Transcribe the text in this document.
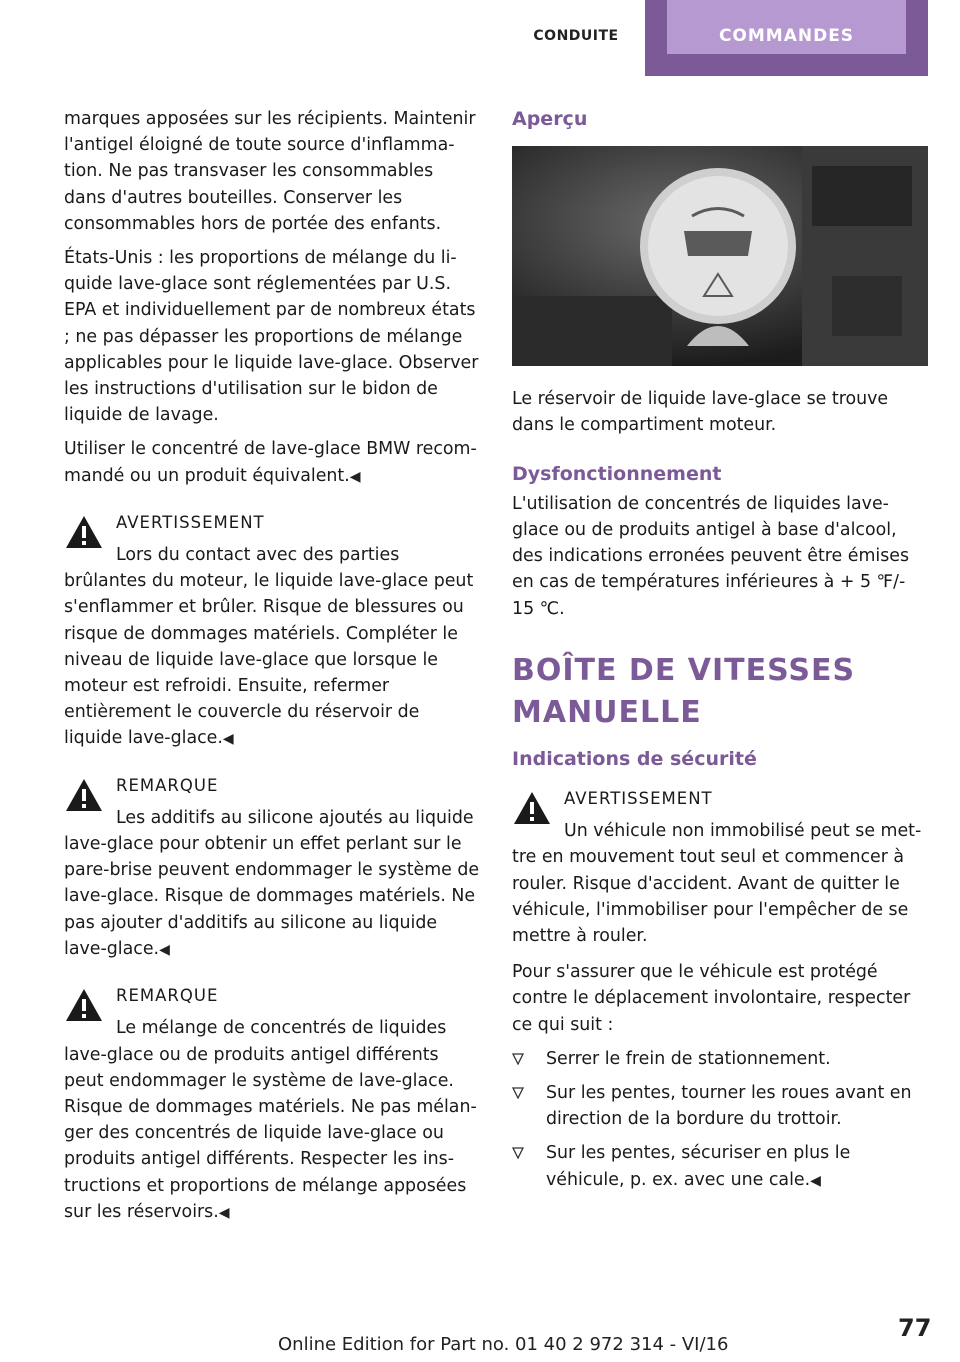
CONDUITE	COMMANDES

marques apposées sur les récipients. Maintenir l'antigel éloigné de toute source d'inflammation. Ne pas transvaser les consommables dans d'autres bouteilles. Conserver les consommables hors de portée des enfants.

États-Unis : les proportions de mélange du liquide lave-glace sont réglementées par U.S. EPA et individuellement par de nombreux états ; ne pas dépasser les proportions de mélange applicables pour le liquide lave-glace. Observer les instructions d'utilisation sur le bidon de liquide de lavage.

Utiliser le concentré de lave-glace BMW recommandé ou un produit équivalent.◀

AVERTISSEMENT

Lors du contact avec des parties brûlantes du moteur, le liquide lave-glace peut s'enflammer et brûler. Risque de blessures ou risque de dommages matériels. Compléter le niveau de liquide lave-glace que lorsque le moteur est refroidi. Ensuite, refermer entièrement le couvercle du réservoir de liquide lave-glace.◀

REMARQUE

Les additifs au silicone ajoutés au liquide lave-glace pour obtenir un effet perlant sur le pare-brise peuvent endommager le système de lave-glace. Risque de dommages matériels. Ne pas ajouter d'additifs au silicone au liquide lave-glace.◀

REMARQUE

Le mélange de concentrés de liquides lave-glace ou de produits antigel différents peut endommager le système de lave-glace. Risque de dommages matériels. Ne pas mélanger des concentrés de liquide lave-glace ou produits antigel différents. Respecter les instructions et proportions de mélange apposées sur les réservoirs.◀

Aperçu

Le réservoir de liquide lave-glace se trouve dans le compartiment moteur.

Dysfonctionnement

L'utilisation de concentrés de liquides lave-glace ou de produits antigel à base d'alcool, des indications erronées peuvent être émises en cas de températures inférieures à + 5 ℉/- 15 ℃.

BOÎTE DE VITESSES MANUELLE
Indications de sécurité

AVERTISSEMENT

Un véhicule non immobilisé peut se mettre en mouvement tout seul et commencer à rouler. Risque d'accident. Avant de quitter le véhicule, l'immobiliser pour l'empêcher de se mettre à rouler.

Pour s'assurer que le véhicule est protégé contre le déplacement involontaire, respecter ce qui suit :

Serrer le frein de stationnement.
Sur les pentes, tourner les roues avant en direction de la bordure du trottoir.
Sur les pentes, sécuriser en plus le véhicule, p. ex. avec une cale.◀
77
Online Edition for Part no. 01 40 2 972 314 - VI/16
